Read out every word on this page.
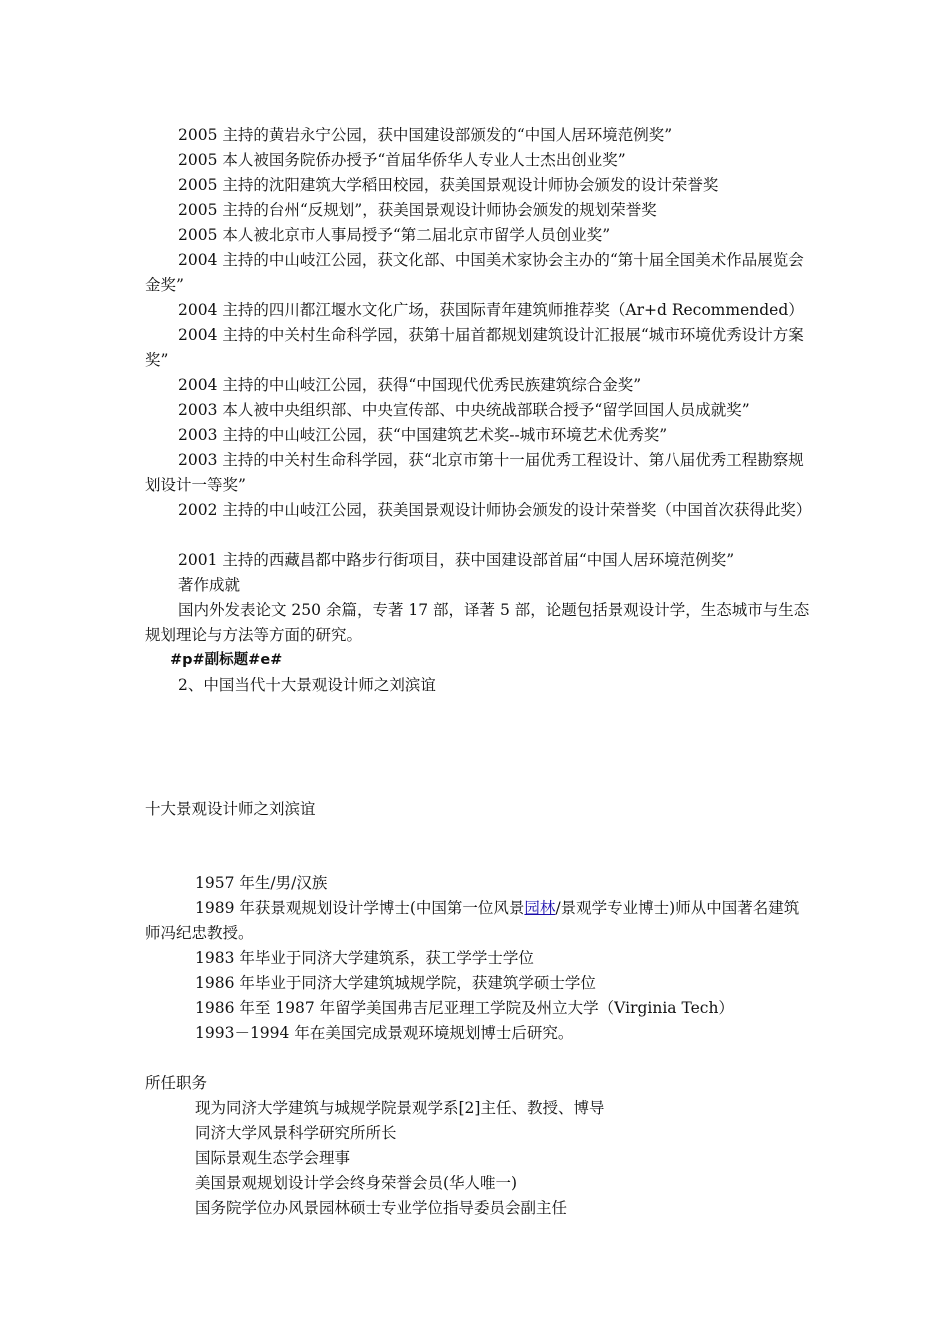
2005 主持的黄岩永宁公园，获中国建设部颁发的“中国人居环境范例奖”
2005 本人被国务院侨办授予“首届华侨华人专业人士杰出创业奖”
2005 主持的沈阳建筑大学稻田校园，获美国景观设计师协会颁发的设计荣誉奖
2005 主持的台州“反规划”，获美国景观设计师协会颁发的规划荣誉奖
2005 本人被北京市人事局授予“第二届北京市留学人员创业奖”
2004 主持的中山岐江公园，获文化部、中国美术家协会主办的“第十届全国美术作品展览会金奖”
2004 主持的四川都江堰水文化广场，获国际青年建筑师推荐奖（Ar+d Recommended）
2004 主持的中关村生命科学园，获第十届首都规划建筑设计汇报展“城市环境优秀设计方案奖”
2004 主持的中山岐江公园，获得“中国现代优秀民族建筑综合金奖”
2003 本人被中央组织部、中央宣传部、中央统战部联合授予“留学回国人员成就奖”
2003 主持的中山岐江公园，获“中国建筑艺术奖--城市环境艺术优秀奖”
2003 主持的中关村生命科学园，获“北京市第十一届优秀工程设计、第八届优秀工程勘察规划设计一等奖”
2002 主持的中山岐江公园，获美国景观设计师协会颁发的设计荣誉奖（中国首次获得此奖）
2001 主持的西藏昌都中路步行街项目，获中国建设部首届“中国人居环境范例奖”
著作成就
国内外发表论文 250 余篇，专著 17 部，译著 5 部，论题包括景观设计学，生态城市与生态规划理论与方法等方面的研究。
#p#副标题#e#
2、中国当代十大景观设计师之刘滨谊
十大景观设计师之刘滨谊
1957 年生/男/汉族
1989 年获景观规划设计学博士(中国第一位风景园林/景观学专业博士)师从中国著名建筑师冯纪忠教授。
1983 年毕业于同济大学建筑系，获工学学士学位
1986 年毕业于同济大学建筑城规学院，获建筑学硕士学位
1986 年至 1987 年留学美国弗吉尼亚理工学院及州立大学（Virginia Tech）
1993－1994 年在美国完成景观环境规划博士后研究。
所任职务
现为同济大学建筑与城规学院景观学系[2]主任、教授、博导
同济大学风景科学研究所所长
国际景观生态学会理事
美国景观规划设计学会终身荣誉会员(华人唯一)
国务院学位办风景园林硕士专业学位指导委员会副主任
